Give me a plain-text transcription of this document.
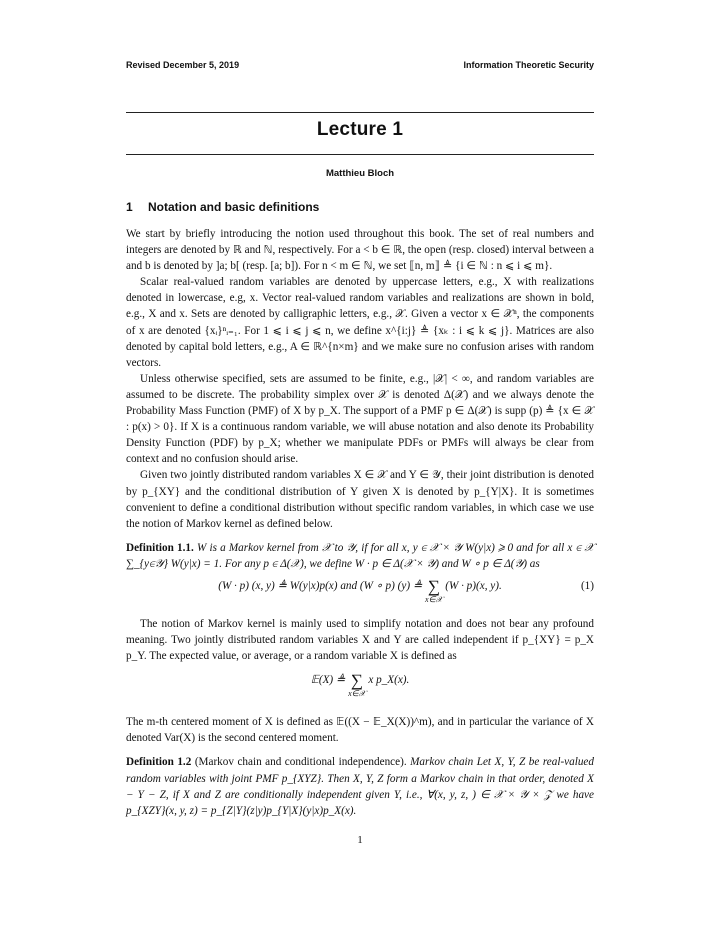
Revised December 5, 2019	Information Theoretic Security
Lecture 1
Matthieu Bloch
1 Notation and basic definitions

We start by briefly introducing the notion used throughout this book. The set of real numbers and integers are denoted by ℝ and ℕ, respectively. For a < b ∈ ℝ, the open (resp. closed) interval between a and b is denoted by ]a; b[ (resp. [a; b]). For n < m ∈ ℕ, we set ⟦n, m⟧ ≜ {i ∈ ℕ : n ⩽ i ⩽ m}.

Scalar real-valued random variables are denoted by uppercase letters, e.g., X with realizations denoted in lowercase, e.g, x. Vector real-valued random variables and realizations are shown in bold, e.g., X and x. Sets are denoted by calligraphic letters, e.g., 𝒳. Given a vector x ∈ 𝒳ⁿ, the components of x are denoted {xᵢ}ⁿᵢ₌₁. For 1 ⩽ i ⩽ j ⩽ n, we define x^{i:j} ≜ {xₖ : i ⩽ k ⩽ j}. Matrices are also denoted by capital bold letters, e.g., A ∈ ℝ^{n×m} and we make sure no confusion arises with random vectors.

Unless otherwise specified, sets are assumed to be finite, e.g., |𝒳| < ∞, and random variables are assumed to be discrete. The probability simplex over 𝒳 is denoted Δ(𝒳) and we always denote the Probability Mass Function (PMF) of X by p_X. The support of a PMF p ∈ Δ(𝒳) is supp (p) ≜ {x ∈ 𝒳 : p(x) > 0}. If X is a continuous random variable, we will abuse notation and also denote its Probability Density Function (PDF) by p_X; whether we manipulate PDFs or PMFs will always be clear from context and no confusion should arise.

Given two jointly distributed random variables X ∈ 𝒳 and Y ∈ 𝒴, their joint distribution is denoted by p_{XY} and the conditional distribution of Y given X is denoted by p_{Y|X}. It is sometimes convenient to define a conditional distribution without specific random variables, in which case we use the notion of Markov kernel as defined below.

Definition 1.1. W is a Markov kernel from 𝒳 to 𝒴, if for all x, y ∈ 𝒳 × 𝒴 W(y|x) ⩾ 0 and for all x ∈ 𝒳 ∑_{y∈𝒴} W(y|x) = 1. For any p ∈ Δ(𝒳), we define W · p ∈ Δ(𝒳 × 𝒴) and W ∘ p ∈ Δ(𝒴) as

(W · p) (x, y) ≜ W(y|x)p(x) and (W ∘ p) (y) ≜ ∑
x∈𝒳
(W · p)(x, y).	(1)

The notion of Markov kernel is mainly used to simplify notation and does not bear any profound meaning. Two jointly distributed random variables X and Y are called independent if p_{XY} = p_X p_Y. The expected value, or average, or a random variable X is defined as

𝔼(X) ≜ ∑
x∈𝒳
x p_X(x).

The m-th centered moment of X is defined as 𝔼((X − 𝔼_X(X))^m), and in particular the variance of X denoted Var(X) is the second centered moment.

Definition 1.2 (Markov chain and conditional independence). Markov chain Let X, Y, Z be real-valued random variables with joint PMF p_{XYZ}. Then X, Y, Z form a Markov chain in that order, denoted X − Y − Z, if X and Z are conditionally independent given Y, i.e., ∀(x, y, z, ) ∈ 𝒳 × 𝒴 × 𝒵 we have p_{XZY}(x, y, z) = p_{Z|Y}(z|y)p_{Y|X}(y|x)p_X(x).

1
